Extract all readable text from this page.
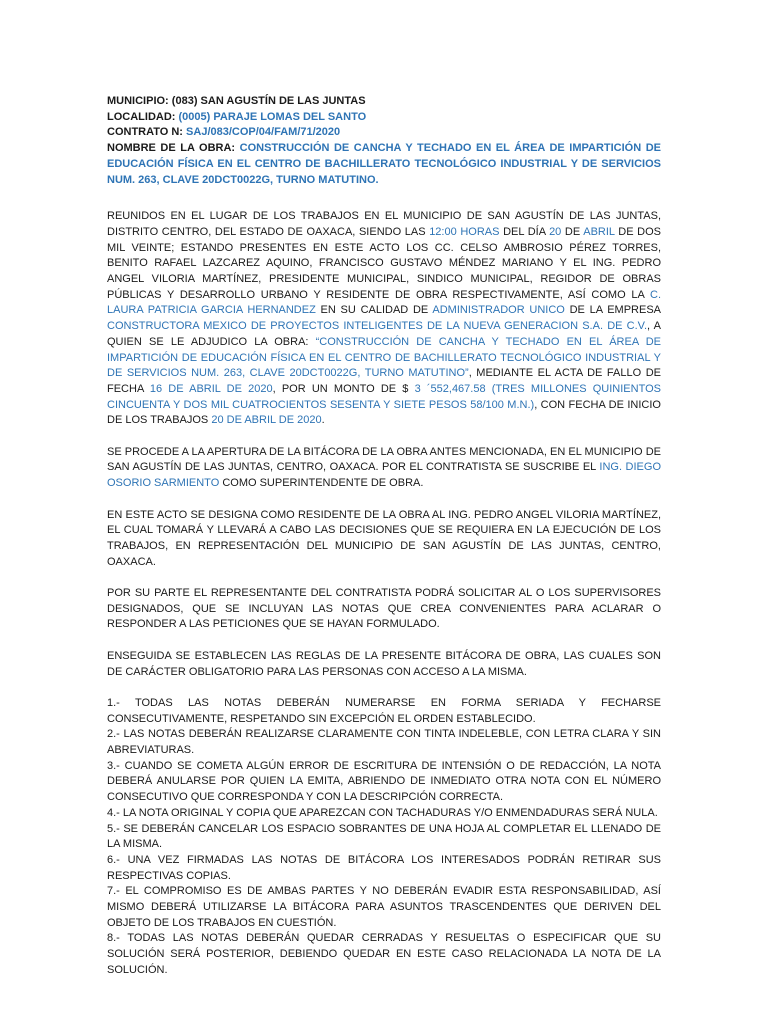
MUNICIPIO: (083) SAN AGUSTÍN DE LAS JUNTAS
LOCALIDAD: (0005) PARAJE LOMAS DEL SANTO
CONTRATO N: SAJ/083/COP/04/FAM/71/2020

NOMBRE DE LA OBRA: CONSTRUCCIÓN DE CANCHA Y TECHADO EN EL ÁREA DE IMPARTICIÓN DE EDUCACIÓN FÍSICA EN EL CENTRO DE BACHILLERATO TECNOLÓGICO INDUSTRIAL Y DE SERVICIOS NUM. 263, CLAVE 20DCT0022G, TURNO MATUTINO.

REUNIDOS EN EL LUGAR DE LOS TRABAJOS EN EL MUNICIPIO DE SAN AGUSTÍN DE LAS JUNTAS, DISTRITO CENTRO, DEL ESTADO DE OAXACA, SIENDO LAS 12:00 HORAS DEL DÍA 20 DE ABRIL DE DOS MIL VEINTE; ESTANDO PRESENTES EN ESTE ACTO LOS CC. CELSO AMBROSIO PÉREZ TORRES, BENITO RAFAEL LAZCAREZ AQUINO, FRANCISCO GUSTAVO MÉNDEZ MARIANO Y EL ING. PEDRO ANGEL VILORIA MARTÍNEZ, PRESIDENTE MUNICIPAL, SINDICO MUNICIPAL, REGIDOR DE OBRAS PÚBLICAS Y DESARROLLO URBANO Y RESIDENTE DE OBRA RESPECTIVAMENTE, ASÍ COMO LA C. LAURA PATRICIA GARCIA HERNANDEZ EN SU CALIDAD DE ADMINISTRADOR UNICO DE LA EMPRESA CONSTRUCTORA MEXICO DE PROYECTOS INTELIGENTES DE LA NUEVA GENERACION S.A. DE C.V., A QUIEN SE LE ADJUDICO LA OBRA: “CONSTRUCCIÓN DE CANCHA Y TECHADO EN EL ÁREA DE IMPARTICIÓN DE EDUCACIÓN FÍSICA EN EL CENTRO DE BACHILLERATO TECNOLÓGICO INDUSTRIAL Y DE SERVICIOS NUM. 263, CLAVE 20DCT0022G, TURNO MATUTINO”, MEDIANTE EL ACTA DE FALLO DE FECHA 16 DE ABRIL DE 2020, POR UN MONTO DE $ 3 ´552,467.58 (TRES MILLONES QUINIENTOS CINCUENTA Y DOS MIL CUATROCIENTOS SESENTA Y SIETE PESOS 58/100 M.N.), CON FECHA DE INICIO DE LOS TRABAJOS 20 DE ABRIL DE 2020.

SE PROCEDE A LA APERTURA DE LA BITÁCORA DE LA OBRA ANTES MENCIONADA, EN EL MUNICIPIO DE SAN AGUSTÍN DE LAS JUNTAS, CENTRO, OAXACA. POR EL CONTRATISTA SE SUSCRIBE EL ING. DIEGO OSORIO SARMIENTO COMO SUPERINTENDENTE DE OBRA.

EN ESTE ACTO SE DESIGNA COMO RESIDENTE DE LA OBRA AL ING. PEDRO ANGEL VILORIA MARTÍNEZ, EL CUAL TOMARÁ Y LLEVARÁ A CABO LAS DECISIONES QUE SE REQUIERA EN LA EJECUCIÓN DE LOS TRABAJOS, EN REPRESENTACIÓN DEL MUNICIPIO DE SAN AGUSTÍN DE LAS JUNTAS, CENTRO, OAXACA.

POR SU PARTE EL REPRESENTANTE DEL CONTRATISTA PODRÁ SOLICITAR AL O LOS SUPERVISORES DESIGNADOS, QUE SE INCLUYAN LAS NOTAS QUE CREA CONVENIENTES PARA ACLARAR O RESPONDER A LAS PETICIONES QUE SE HAYAN FORMULADO.

ENSEGUIDA SE ESTABLECEN LAS REGLAS DE LA PRESENTE BITÁCORA DE OBRA, LAS CUALES SON DE CARÁCTER OBLIGATORIO PARA LAS PERSONAS CON ACCESO A LA MISMA.

1.- TODAS LAS NOTAS DEBERÁN NUMERARSE EN FORMA SERIADA Y FECHARSE CONSECUTIVAMENTE, RESPETANDO SIN EXCEPCIÓN EL ORDEN ESTABLECIDO.

2.- LAS NOTAS DEBERÁN REALIZARSE CLARAMENTE CON TINTA INDELEBLE, CON LETRA CLARA Y SIN ABREVIATURAS.

3.- CUANDO SE COMETA ALGÚN ERROR DE ESCRITURA DE INTENSIÓN O DE REDACCIÓN, LA NOTA DEBERÁ ANULARSE POR QUIEN LA EMITA, ABRIENDO DE INMEDIATO OTRA NOTA CON EL NÚMERO CONSECUTIVO QUE CORRESPONDA Y CON LA DESCRIPCIÓN CORRECTA.

4.- LA NOTA ORIGINAL Y COPIA QUE APAREZCAN CON TACHADURAS Y/O ENMENDADURAS SERÁ NULA.

5.- SE DEBERÁN CANCELAR LOS ESPACIO SOBRANTES DE UNA HOJA AL COMPLETAR EL LLENADO DE LA MISMA.

6.- UNA VEZ FIRMADAS LAS NOTAS DE BITÁCORA LOS INTERESADOS PODRÁN RETIRAR SUS RESPECTIVAS COPIAS.

7.- EL COMPROMISO ES DE AMBAS PARTES Y NO DEBERÁN EVADIR ESTA RESPONSABILIDAD, ASÍ MISMO DEBERÁ UTILIZARSE LA BITÁCORA PARA ASUNTOS TRASCENDENTES QUE DERIVEN DEL OBJETO DE LOS TRABAJOS EN CUESTIÓN.

8.- TODAS LAS NOTAS DEBERÁN QUEDAR CERRADAS Y RESUELTAS O ESPECIFICAR QUE SU SOLUCIÓN SERÁ POSTERIOR, DEBIENDO QUEDAR EN ESTE CASO RELACIONADA LA NOTA DE LA SOLUCIÓN.
